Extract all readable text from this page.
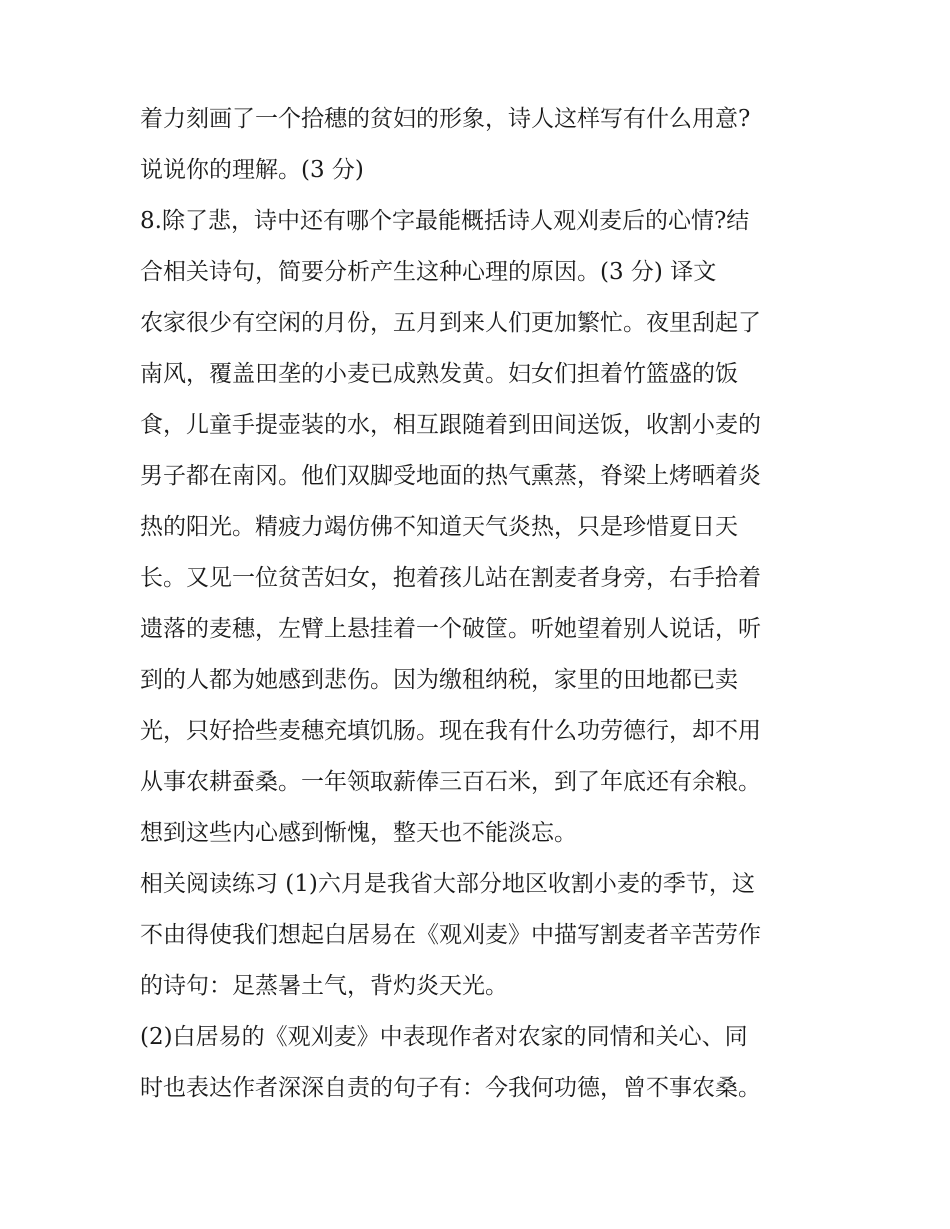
着力刻画了一个拾穗的贫妇的形象，诗人这样写有什么用意?
说说你的理解。(3 分)
8.除了悲，诗中还有哪个字最能概括诗人观刈麦后的心情?结
合相关诗句，简要分析产生这种心理的原因。(3 分) 译文
农家很少有空闲的月份，五月到来人们更加繁忙。夜里刮起了
南风，覆盖田垄的小麦已成熟发黄。妇女们担着竹篮盛的饭
食，儿童手提壶装的水，相互跟随着到田间送饭，收割小麦的
男子都在南冈。他们双脚受地面的热气熏蒸，脊梁上烤晒着炎
热的阳光。精疲力竭仿佛不知道天气炎热，只是珍惜夏日天
长。又见一位贫苦妇女，抱着孩儿站在割麦者身旁，右手拾着
遗落的麦穗，左臂上悬挂着一个破筐。听她望着别人说话，听
到的人都为她感到悲伤。因为缴租纳税，家里的田地都已卖
光，只好拾些麦穗充填饥肠。现在我有什么功劳德行，却不用
从事农耕蚕桑。一年领取薪俸三百石米，到了年底还有余粮。
想到这些内心感到惭愧，整天也不能淡忘。
相关阅读练习 (1)六月是我省大部分地区收割小麦的季节，这
不由得使我们想起白居易在《观刈麦》中描写割麦者辛苦劳作
的诗句：足蒸暑土气，背灼炎天光。
(2)白居易的《观刈麦》中表现作者对农家的同情和关心、同
时也表达作者深深自责的句子有：今我何功德，曾不事农桑。
